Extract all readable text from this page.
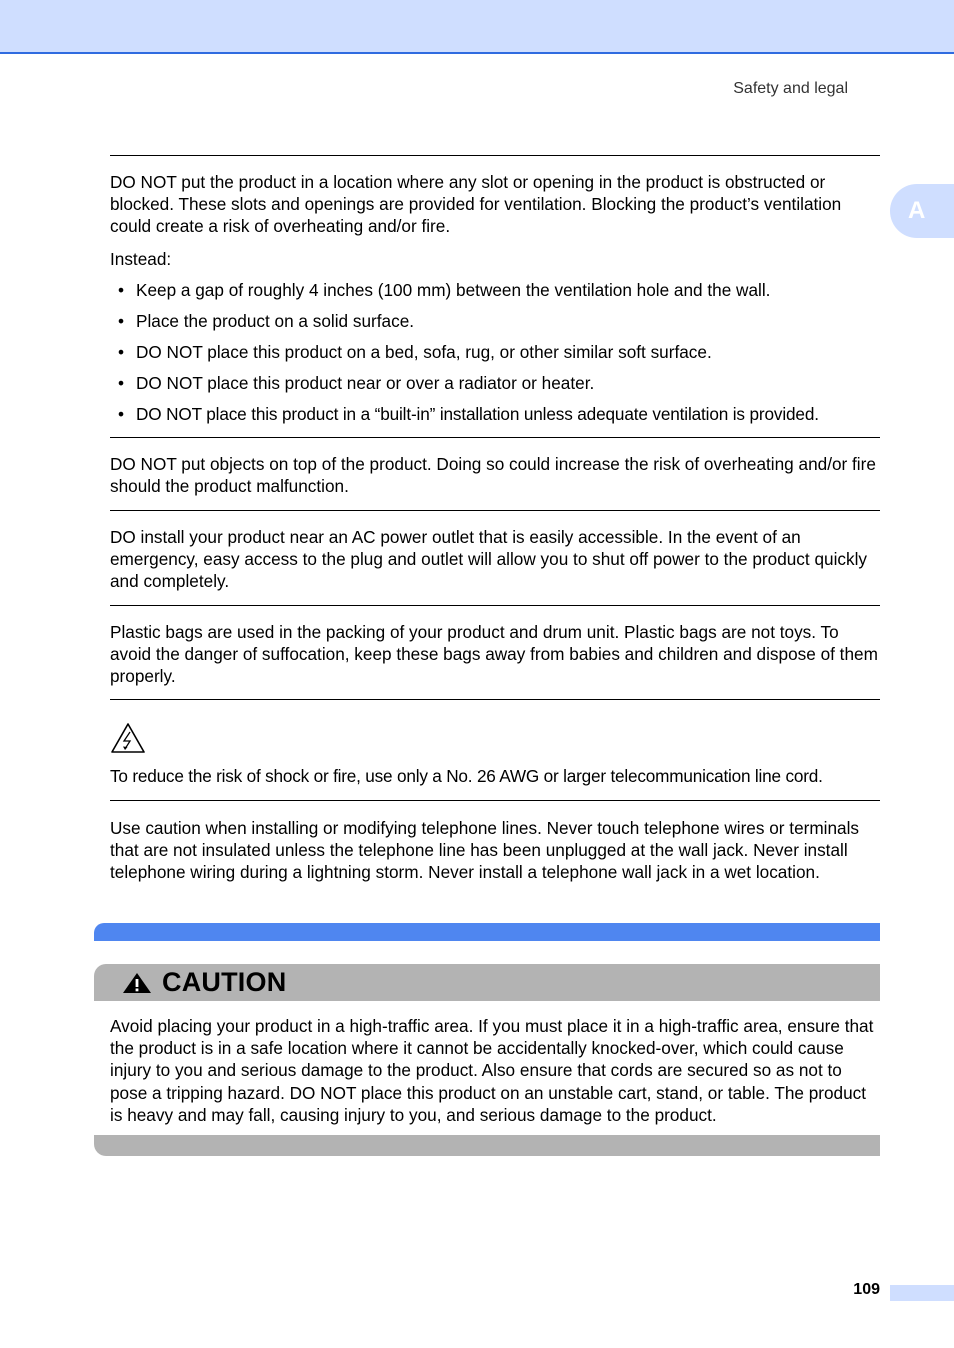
Safety and legal
A

DO NOT put the product in a location where any slot or opening in the product is obstructed or blocked. These slots and openings are provided for ventilation. Blocking the product’s ventilation could create a risk of overheating and/or fire.

Instead:

• Keep a gap of roughly 4 inches (100 mm) between the ventilation hole and the wall.
• Place the product on a solid surface.
• DO NOT place this product on a bed, sofa, rug, or other similar soft surface.
• DO NOT place this product near or over a radiator or heater.
• DO NOT place this product in a “built-in” installation unless adequate ventilation is provided.

DO NOT put objects on top of the product. Doing so could increase the risk of overheating and/or fire should the product malfunction.

DO install your product near an AC power outlet that is easily accessible. In the event of an emergency, easy access to the plug and outlet will allow you to shut off power to the product quickly and completely.

Plastic bags are used in the packing of your product and drum unit. Plastic bags are not toys. To avoid the danger of suffocation, keep these bags away from babies and children and dispose of them properly.

To reduce the risk of shock or fire, use only a No. 26 AWG or larger telecommunication line cord.

Use caution when installing or modifying telephone lines. Never touch telephone wires or terminals that are not insulated unless the telephone line has been unplugged at the wall jack. Never install telephone wiring during a lightning storm. Never install a telephone wall jack in a wet location.

CAUTION

Avoid placing your product in a high-traffic area. If you must place it in a high-traffic area, ensure that the product is in a safe location where it cannot be accidentally knocked-over, which could cause injury to you and serious damage to the product. Also ensure that cords are secured so as not to pose a tripping hazard. DO NOT place this product on an unstable cart, stand, or table. The product is heavy and may fall, causing injury to you, and serious damage to the product.

109
